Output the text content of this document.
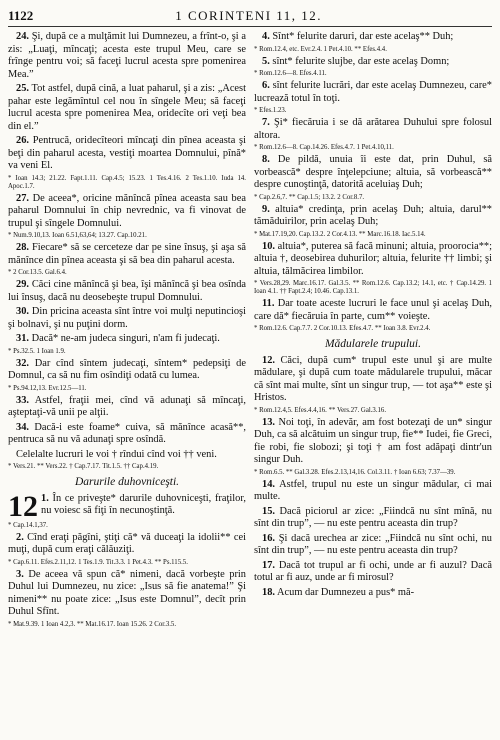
1122	1 CORINTENI 11, 12.

24. Şi, după ce a mulţămit lui Dumnezeu, a frînt-o, şi a zis: „Luaţi, mîncaţi; acesta este trupul Meu, care se frînge pentru voi; să faceţi lucrul acesta spre pomenirea Mea.”

25. Tot astfel, după cină, a luat paharul, şi a zis: „Acest pahar este legămîntul cel nou în sîngele Meu; să faceţi lucrul acesta spre pomenirea Mea, oridecîte ori veţi bea din el.”

26. Pentrucă, oridecîteori mîncaţi din pînea aceasta şi beţi din paharul acesta, vestiţi moartea Domnului, pînă* va veni El.

* Ioan 14.3; 21.22. Fapt.1.11. Cap.4.5; 15.23. 1 Tes.4.16. 2 Tes.1.10. Iuda 14. Apoc.1.7.

27. De aceea*, oricine mănîncă pînea aceasta sau bea paharul Domnului în chip nevrednic, va fi vinovat de trupul şi sîngele Domnului.

* Num.9.10,13. Ioan 6.51,63,64; 13.27. Cap.10.21.

28. Fiecare* să se cerceteze dar pe sine însuş, şi aşa să mănînce din pînea aceasta şi să bea din paharul acesta.

* 2 Cor.13.5. Gal.6.4.

29. Căci cine mănîncă şi bea, îşi mănîncă şi bea osînda lui însuş, dacă nu deosebeşte trupul Domnului.

30. Din pricina aceasta sînt între voi mulţi neputincioşi şi bolnavi, şi nu puţini dorm.

31. Dacă* ne-am judeca singuri, n'am fi judecaţi.

* Ps.32.5. 1 Ioan 1.9.

32. Dar cînd sîntem judecaţi, sîntem* pedepsiţi de Domnul, ca să nu fim osîndiţi odată cu lumea.

* Ps.94.12,13. Evr.12.5—11.

33. Astfel, fraţii mei, cînd vă adunaţi să mîncaţi, aşteptaţi-vă unii pe alţii.

34. Dacă-i este foame* cuiva, să mănînce acasă**, pentruca să nu vă adunaţi spre osîndă.

Celelalte lucruri le voi † rîndui cînd voi †† veni.

* Vers.21. ** Vers.22. † Cap.7.17. Tit.1.5. †† Cap.4.19.
Darurile duhovniceşti.
12 1. În ce priveşte* darurile duhovniceşti, fraţilor, nu voiesc să fiţi în necunoştinţă.

* Cap.14.1,37.

2. Cînd eraţi păgîni, ştiţi că* vă duceaţi la idolii** cei muţi, după cum eraţi călăuziţi.

* Cap.6.11. Efes.2.11,12. 1 Tes.1.9. Tit.3.3. 1 Pet.4.3. ** Ps.115.5.

3. De aceea vă spun că* nimeni, dacă vorbeşte prin Duhul lui Dumnezeu, nu zice: „Isus să fie anatema!” Şi nimeni** nu poate zice: „Isus este Domnul”, decît prin Duhul Sfînt.

* Mat.9.39. 1 Ioan 4.2,3. ** Mat.16.17. Ioan 15.26. 2 Cor.3.5.

4. Sînt* felurite daruri, dar este acelaş** Duh;

* Rom.12.4, etc. Evr.2.4. 1 Pet.4.10. ** Efes.4.4.

5. sînt* felurite slujbe, dar este acelaş Domn;

* Rom.12.6—8. Efes.4.11.

6. sînt felurite lucrări, dar este acelaş Dumnezeu, care* lucrează totul în toţi.

* Efes.1.23.

7. Şi* fiecăruia i se dă arătarea Duhului spre folosul altora.

* Rom.12.6—8. Cap.14.26. Efes.4.7. 1 Pet.4.10,11.

8. De pildă, unuia îi este dat, prin Duhul, să vorbească* despre înţelepciune; altuia, să vorbească** despre cunoştinţă, datorită aceluiaş Duh;

* Cap.2.6,7. ** Cap.1.5; 13.2. 2 Cor.8.7.

9. altuia* credinţa, prin acelaş Duh; altuia, darul** tămăduirilor, prin acelaş Duh;

* Mat.17.19,20. Cap.13.2. 2 Cor.4.13. ** Marc.16.18. Iac.5.14.

10. altuia*, puterea să facă minuni; altuia, proorocia**; altuia †, deosebirea duhurilor; altuia, felurite †† limbi; şi altuia, tălmăcirea limbilor.

* Vers.28,29. Marc.16.17. Gal.3.5. ** Rom.12.6. Cap.13.2; 14.1, etc. † Cap.14.29. 1 Ioan 4.1. †† Fapt.2.4; 10.46. Cap.13.1.

11. Dar toate aceste lucruri le face unul şi acelaş Duh, care dă* fiecăruia în parte, cum** voieşte.

* Rom.12.6. Cap.7.7. 2 Cor.10.13. Efes.4.7. ** Ioan 3.8. Evr.2.4.
Mădularele trupului.

12. Căci, după cum* trupul este unul şi are multe mădulare, şi după cum toate mădularele trupului, măcar că sînt mai multe, sînt un singur trup, — tot aşa** este şi Hristos.

* Rom.12.4,5. Efes.4.4,16. ** Vers.27. Gal.3.16.

13. Noi toţi, în adevăr, am fost botezaţi de un* singur Duh, ca să alcătuim un singur trup, fie** Iudei, fie Greci, fie robi, fie slobozi; şi toţi † am fost adăpaţi dintr'un singur Duh.

* Rom.6.5. ** Gal.3.28. Efes.2.13,14,16. Col.3.11. † Ioan 6.63; 7.37—39.

14. Astfel, trupul nu este un singur mădular, ci mai multe.

15. Dacă piciorul ar zice: „Fiindcă nu sînt mînă, nu sînt din trup”, — nu este pentru aceasta din trup?

16. Şi dacă urechea ar zice: „Fiindcă nu sînt ochi, nu sînt din trup”, — nu este pentru aceasta din trup?

17. Dacă tot trupul ar fi ochi, unde ar fi auzul? Dacă totul ar fi auz, unde ar fi mirosul?

18. Acum dar Dumnezeu a pus* mă-
